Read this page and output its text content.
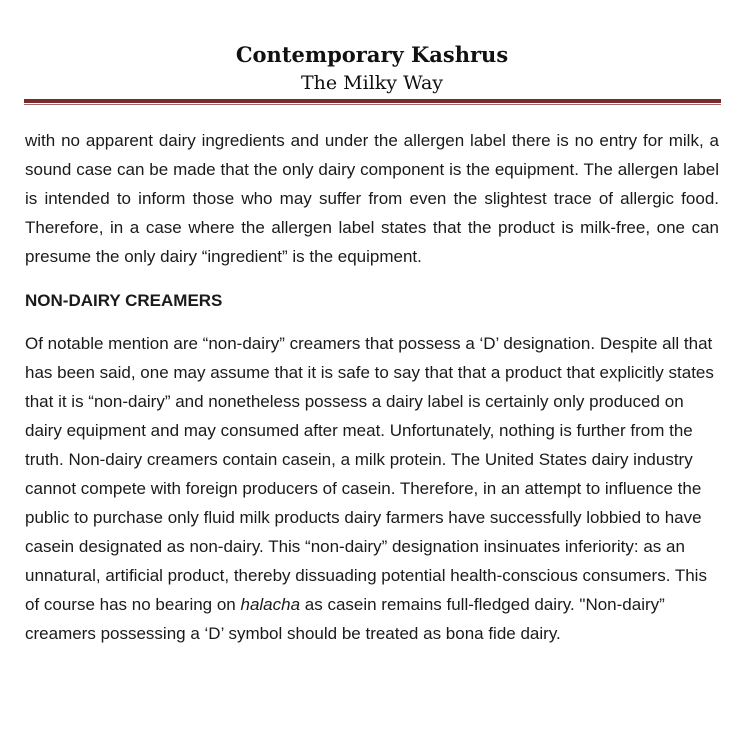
Contemporary Kashrus

The Milky Way

with no apparent dairy ingredients and under the allergen label there is no entry for milk, a sound case can be made that the only dairy component is the equipment. The allergen label is intended to inform those who may suffer from even the slightest trace of allergic food. Therefore, in a case where the allergen label states that the product is milk-free, one can presume the only dairy “ingredient” is the equipment.

NON-DAIRY CREAMERS

Of notable mention are “non-dairy” creamers that possess a ‘D’ designation. Despite all that has been said, one may assume that it is safe to say that that a product that explicitly states that it is “non-dairy” and nonetheless possess a dairy label is certainly only produced on dairy equipment and may consumed after meat. Unfortunately, nothing is further from the truth. Non-dairy creamers contain casein, a milk protein. The United States dairy industry cannot compete with foreign producers of casein. Therefore, in an attempt to influence the public to purchase only fluid milk products dairy farmers have successfully lobbied to have casein designated as non-dairy. This “non-dairy” designation insinuates inferiority: as an unnatural, artificial product, thereby dissuading potential health-conscious consumers. This of course has no bearing on halacha as casein remains full-fledged dairy. "Non-dairy” creamers possessing a ‘D’ symbol should be treated as bona fide dairy.
